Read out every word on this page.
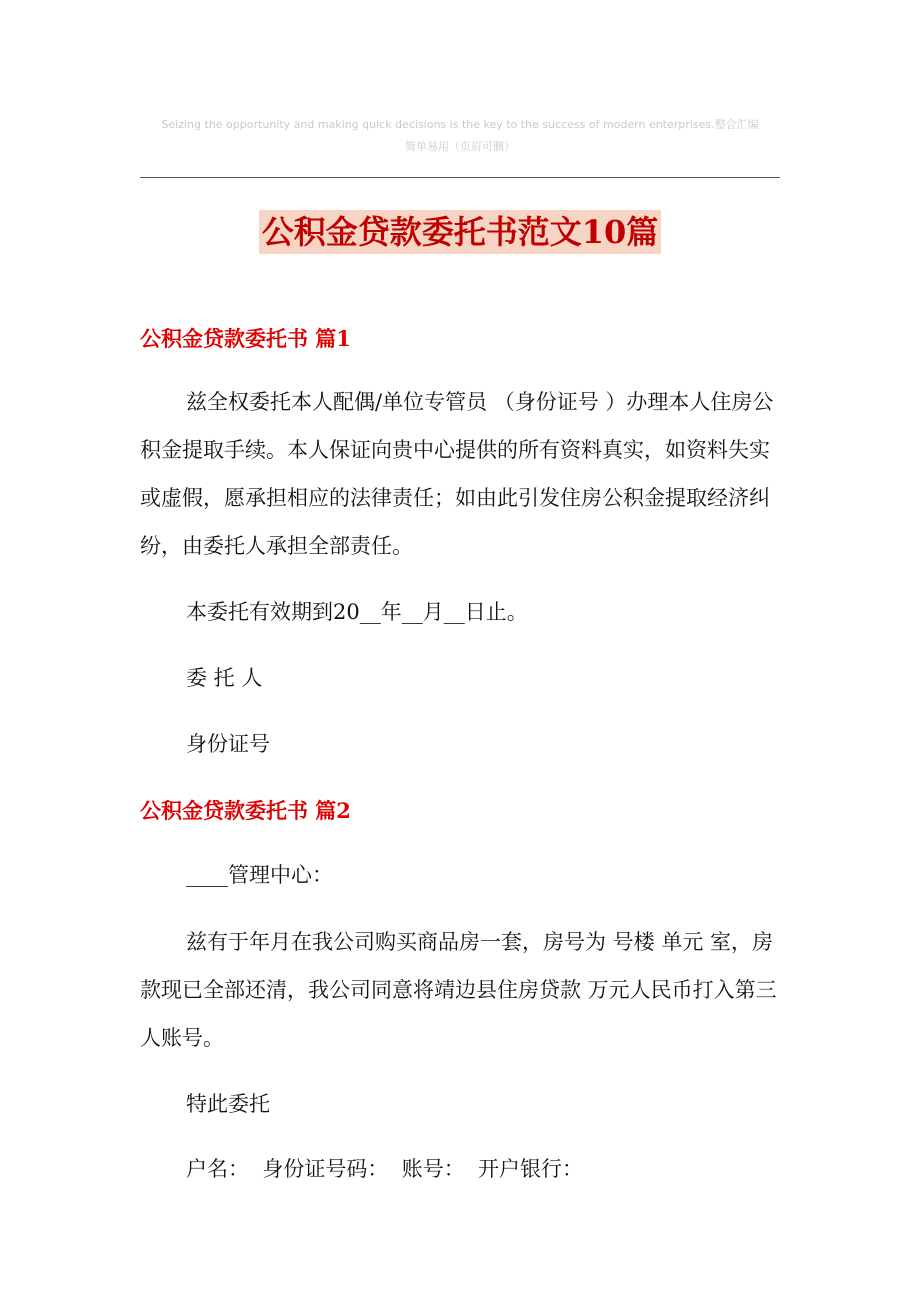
Seizing the opportunity and making quick decisions is the key to the success of modern enterprises.整合汇编
简单易用（页眉可删）
公积金贷款委托书范文10篇
公积金贷款委托书 篇1
兹全权委托本人配偶/单位专管员 （身份证号 ）办理本人住房公积金提取手续。本人保证向贵中心提供的所有资料真实，如资料失实或虚假，愿承担相应的法律责任；如由此引发住房公积金提取经济纠纷，由委托人承担全部责任。
本委托有效期到20__年__月__日止。
委 托 人
身份证号
公积金贷款委托书 篇2
____管理中心：
兹有于年月在我公司购买商品房一套，房号为 号楼 单元 室，房款现已全部还清，我公司同意将靖边县住房贷款 万元人民币打入第三人账号。
特此委托
户名：  身份证号码：  账号：  开户银行：
